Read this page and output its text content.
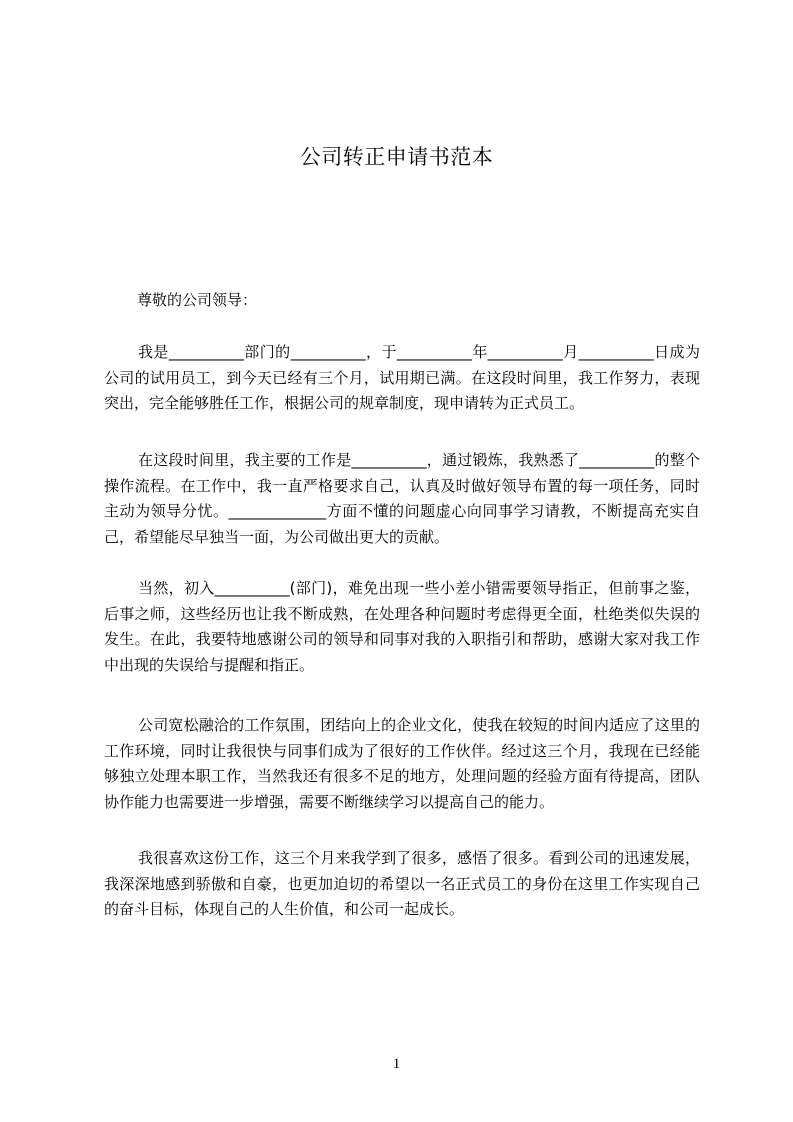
公司转正申请书范本
尊敬的公司领导：

我是__________部门的__________，于__________年__________月__________日成为公司的试用员工，到今天已经有三个月，试用期已满。在这段时间里，我工作努力，表现突出，完全能够胜任工作，根据公司的规章制度，现申请转为正式员工。

在这段时间里，我主要的工作是__________，通过锻炼，我熟悉了__________的整个操作流程。在工作中，我一直严格要求自己，认真及时做好领导布置的每一项任务，同时主动为领导分忧。_____________方面不懂的问题虚心向同事学习请教，不断提高充实自己，希望能尽早独当一面，为公司做出更大的贡献。

当然，初入__________(部门)，难免出现一些小差小错需要领导指正，但前事之鉴，后事之师，这些经历也让我不断成熟，在处理各种问题时考虑得更全面，杜绝类似失误的发生。在此，我要特地感谢公司的领导和同事对我的入职指引和帮助，感谢大家对我工作中出现的失误给与提醒和指正。

公司宽松融洽的工作氛围，团结向上的企业文化，使我在较短的时间内适应了这里的工作环境，同时让我很快与同事们成为了很好的工作伙伴。经过这三个月，我现在已经能够独立处理本职工作，当然我还有很多不足的地方，处理问题的经验方面有待提高，团队协作能力也需要进一步增强，需要不断继续学习以提高自己的能力。

我很喜欢这份工作，这三个月来我学到了很多，感悟了很多。看到公司的迅速发展，我深深地感到骄傲和自豪，也更加迫切的希望以一名正式员工的身份在这里工作实现自己的奋斗目标，体现自己的人生价值，和公司一起成长。

1
